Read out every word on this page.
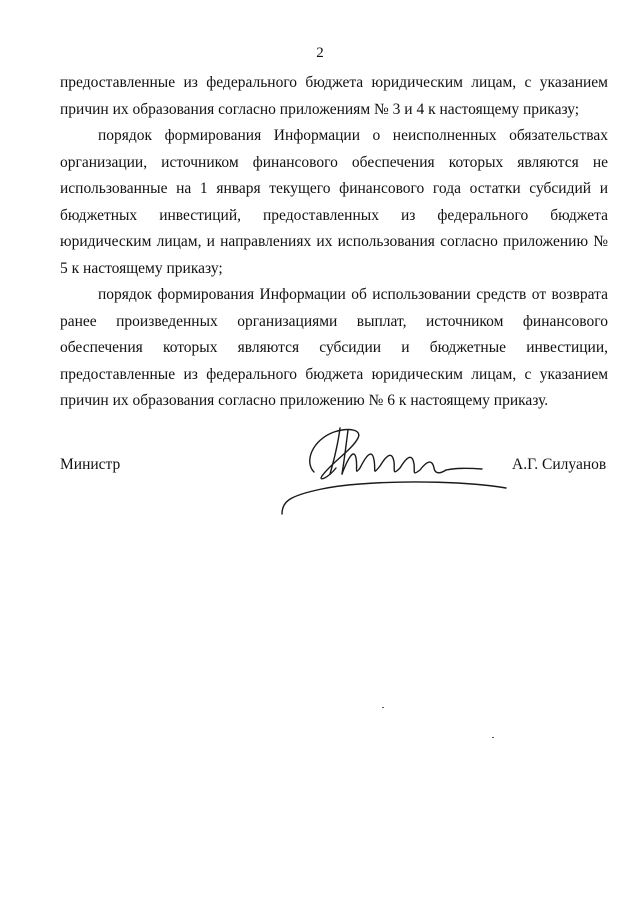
2

предоставленные из федерального бюджета юридическим лицам, с указанием причин их образования согласно приложениям № 3 и 4 к настоящему приказу;

порядок формирования Информации о неисполненных обязательствах организации, источником финансового обеспечения которых являются не использованные на 1 января текущего финансового года остатки субсидий и бюджетных инвестиций, предоставленных из федерального бюджета юридическим лицам, и направлениях их использования согласно приложению № 5 к настоящему приказу;

порядок формирования Информации об использовании средств от возврата ранее произведенных организациями выплат, источником финансового обеспечения которых являются субсидии и бюджетные инвестиции, предоставленные из федерального бюджета юридическим лицам, с указанием причин их образования согласно приложению № 6 к настоящему приказу.

Министр	А.Г. Силуанов
